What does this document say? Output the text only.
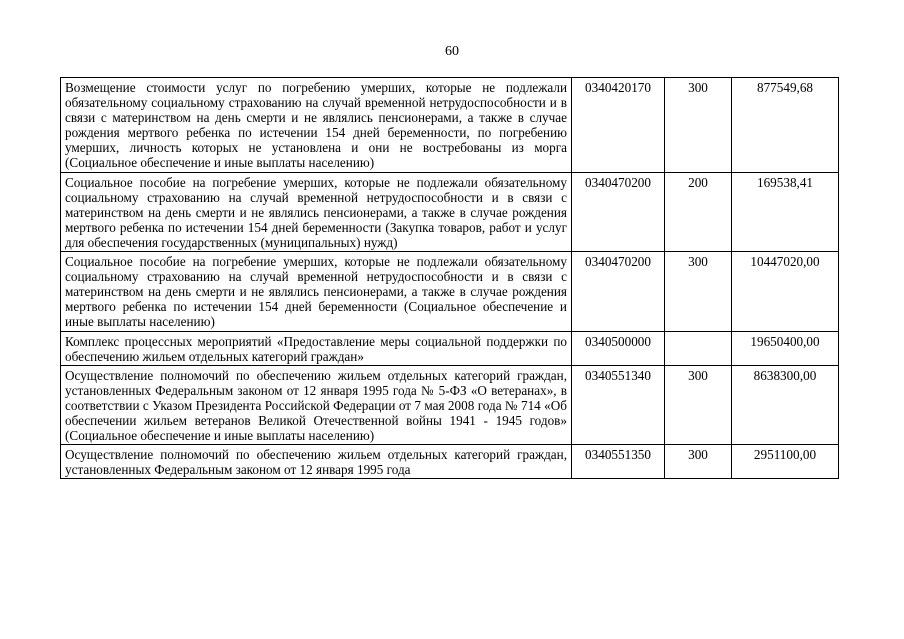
60
Возмещение стоимости услуг по погребению умерших, которые не подлежали обязательному социальному страхованию на случай временной нетрудоспособности и в связи с материнством на день смерти и не являлись пенсионерами, а также в случае рождения мертвого ребенка по истечении 154 дней беременности, по погребению умерших, личность которых не установлена и они не востребованы из морга (Социальное обеспечение и иные выплаты населению)	0340420170	300	877549,68
Социальное пособие на погребение умерших, которые не подлежали обязательному социальному страхованию на случай временной нетрудоспособности и в связи с материнством на день смерти и не являлись пенсионерами, а также в случае рождения мертвого ребенка по истечении 154 дней беременности (Закупка товаров, работ и услуг для обеспечения государственных (муниципальных) нужд)	0340470200	200	169538,41
Социальное пособие на погребение умерших, которые не подлежали обязательному социальному страхованию на случай временной нетрудоспособности и в связи с материнством на день смерти и не являлись пенсионерами, а также в случае рождения мертвого ребенка по истечении 154 дней беременности (Социальное обеспечение и иные выплаты населению)	0340470200	300	10447020,00
Комплекс процессных мероприятий «Предоставление меры социальной поддержки по обеспечению жильем отдельных категорий граждан»	0340500000		19650400,00
Осуществление полномочий по обеспечению жильем отдельных категорий граждан, установленных Федеральным законом от 12 января 1995 года № 5-ФЗ «О ветеранах», в соответствии с Указом Президента Российской Федерации от 7 мая 2008 года № 714 «Об обеспечении жильем ветеранов Великой Отечественной войны 1941 - 1945 годов» (Социальное обеспечение и иные выплаты населению)	0340551340	300	8638300,00
Осуществление полномочий по обеспечению жильем отдельных категорий граждан, установленных Федеральным законом от 12 января 1995 года	0340551350	300	2951100,00
